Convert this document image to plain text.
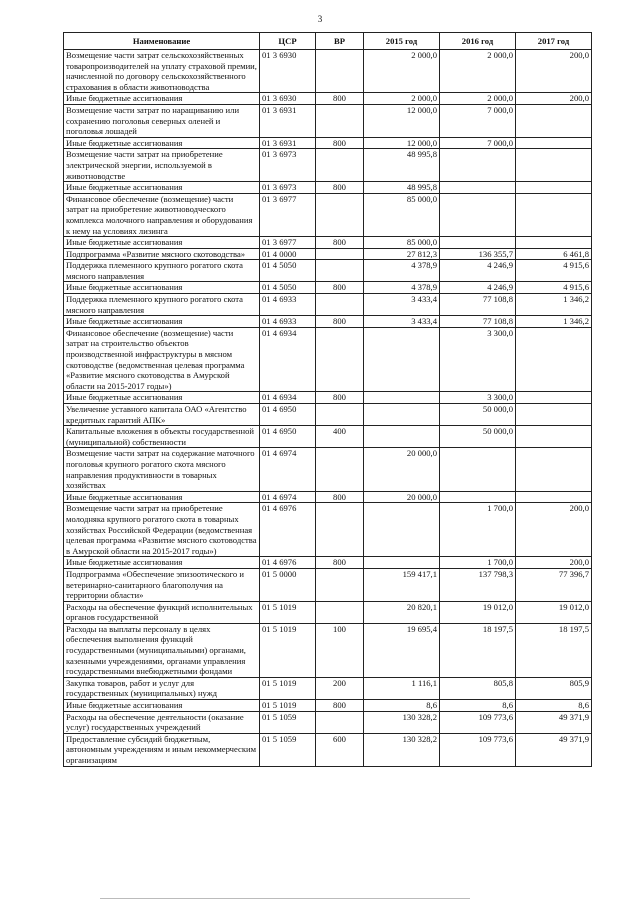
3
Наименование	ЦСР	ВР	2015 год	2016 год	2017 год
Возмещение части затрат сельскохозяйственных товаропроизводителей на уплату страховой премии, начисленной по договору сельскохозяйственного страхования в области животноводства	01 3 6930		2 000,0	2 000,0	200,0
Иные бюджетные ассигнования	01 3 6930	800	2 000,0	2 000,0	200,0
Возмещение части затрат по наращиванию или сохранению поголовья северных оленей и поголовья лошадей	01 3 6931		12 000,0	7 000,0	
Иные бюджетные ассигнования	01 3 6931	800	12 000,0	7 000,0	
Возмещение части затрат на приобретение электрической энергии, используемой в животноводстве	01 3 6973		48 995,8		
Иные бюджетные ассигнования	01 3 6973	800	48 995,8		
Финансовое обеспечение (возмещение) части затрат на приобретение животноводческого комплекса молочного направления и оборудования к нему на условиях лизинга	01 3 6977		85 000,0		
Иные бюджетные ассигнования	01 3 6977	800	85 000,0		
Подпрограмма «Развитие мясного скотоводства»	01 4 0000		27 812,3	136 355,7	6 461,8
Поддержка племенного крупного рогатого скота мясного направления	01 4 5050		4 378,9	4 246,9	4 915,6
Иные бюджетные ассигнования	01 4 5050	800	4 378,9	4 246,9	4 915,6
Поддержка племенного крупного рогатого скота мясного направления	01 4 6933		3 433,4	77 108,8	1 346,2
Иные бюджетные ассигнования	01 4 6933	800	3 433,4	77 108,8	1 346,2
Финансовое обеспечение (возмещение) части затрат на строительство объектов производственной инфраструктуры в мясном скотоводстве (ведомственная целевая программа «Развитие мясного скотоводства в Амурской области на 2015-2017 годы»)	01 4 6934			3 300,0	
Иные бюджетные ассигнования	01 4 6934	800		3 300,0	
Увеличение уставного капитала ОАО «Агентство кредитных гарантий АПК»	01 4 6950			50 000,0	
Капитальные вложения в объекты государственной (муниципальной) собственности	01 4 6950	400		50 000,0	
Возмещение части затрат на содержание маточного поголовья крупного рогатого скота мясного направления продуктивности в товарных хозяйствах	01 4 6974		20 000,0		
Иные бюджетные ассигнования	01 4 6974	800	20 000,0		
Возмещение части затрат на приобретение молодняка крупного рогатого скота в товарных хозяйствах Российской Федерации (ведомственная целевая программа «Развитие мясного скотоводства в Амурской области на 2015-2017 годы»)	01 4 6976			1 700,0	200,0
Иные бюджетные ассигнования	01 4 6976	800		1 700,0	200,0
Подпрограмма «Обеспечение эпизоотического и ветеринарно-санитарного благополучия на территории области»	01 5 0000		159 417,1	137 798,3	77 396,7
Расходы на обеспечение функций исполнительных органов государственной	01 5 1019		20 820,1	19 012,0	19 012,0
Расходы на выплаты персоналу в целях обеспечения выполнения функций государственными (муниципальными) органами, казенными учреждениями, органами управления государственными внебюджетными фондами	01 5 1019	100	19 695,4	18 197,5	18 197,5
Закупка товаров, работ и услуг для государственных (муниципальных) нужд	01 5 1019	200	1 116,1	805,8	805,9
Иные бюджетные ассигнования	01 5 1019	800	8,6	8,6	8,6
Расходы на обеспечение деятельности (оказание услуг) государственных учреждений	01 5 1059		130 328,2	109 773,6	49 371,9
Предоставление субсидий бюджетным, автономным учреждениям и иным некоммерческим организациям	01 5 1059	600	130 328,2	109 773,6	49 371,9
